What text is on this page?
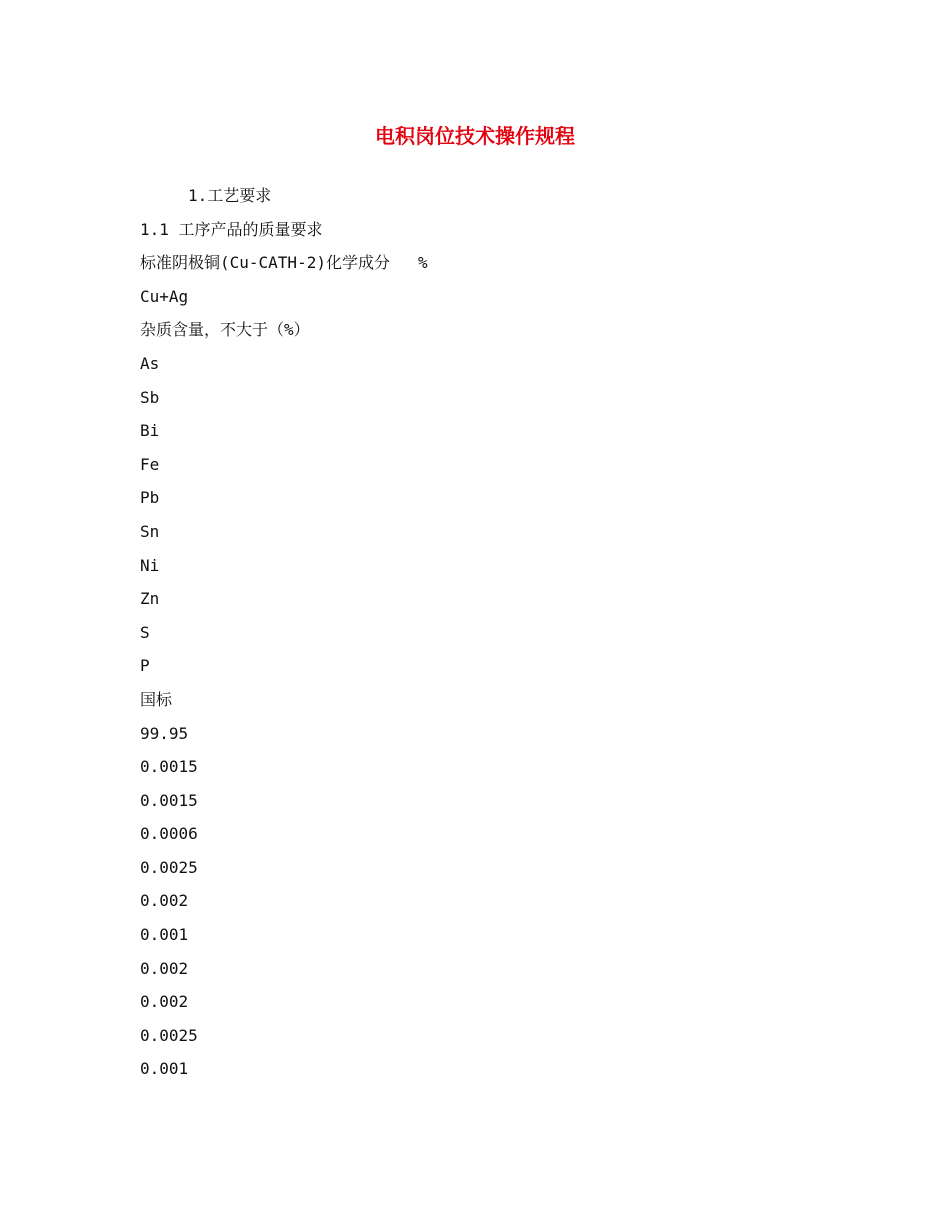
电积岗位技术操作规程
1.工艺要求
1.1 工序产品的质量要求
标准阴极铜(Cu-CATH-2)化学成分 %
Cu+Ag
杂质含量，不大于（%）
As
Sb
Bi
Fe
Pb
Sn
Ni
Zn
S
P
国标
99.95
0.0015
0.0015
0.0006
0.0025
0.002
0.001
0.002
0.002
0.0025
0.001
